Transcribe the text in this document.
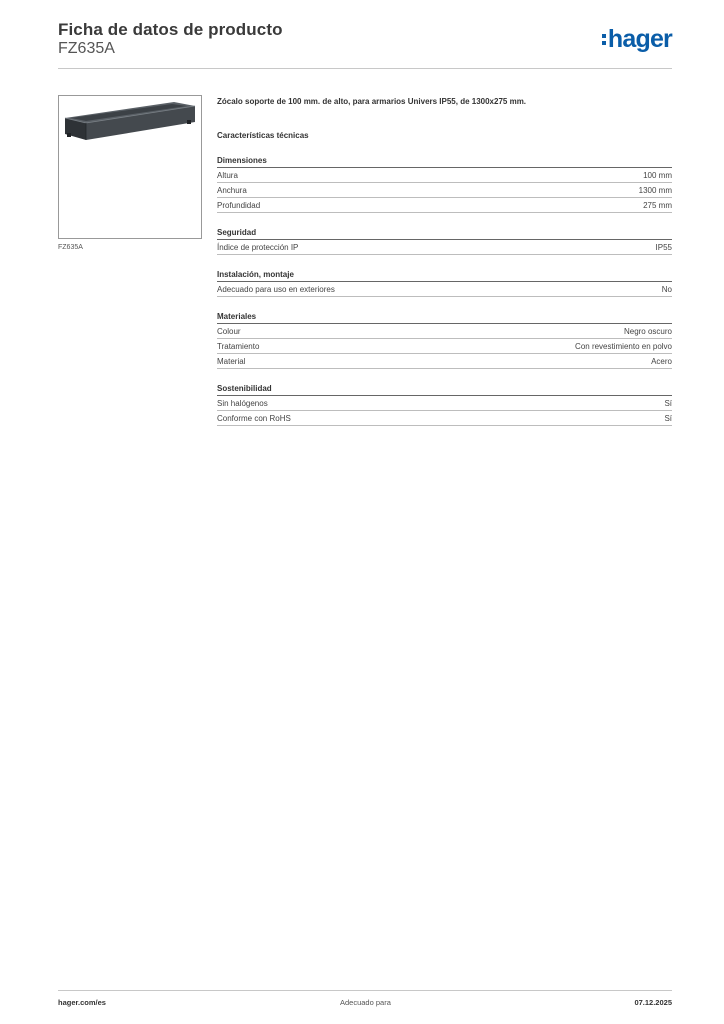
Ficha de datos de producto
FZ635A	hager
FZ635A
Zócalo soporte de 100 mm. de alto, para armarios Univers IP55, de 1300x275 mm.
Características técnicas
Dimensiones
Altura	100 mm
Anchura	1300 mm
Profundidad	275 mm
Seguridad
Índice de protección IP	IP55
Instalación, montaje
Adecuado para uso en exteriores	No
Materiales
Colour	Negro oscuro
Tratamiento	Con revestimiento en polvo
Material	Acero
Sostenibilidad
Sin halógenos	Sí
Conforme con RoHS	Sí
hager.com/es	Adecuado para	07.12.2025
